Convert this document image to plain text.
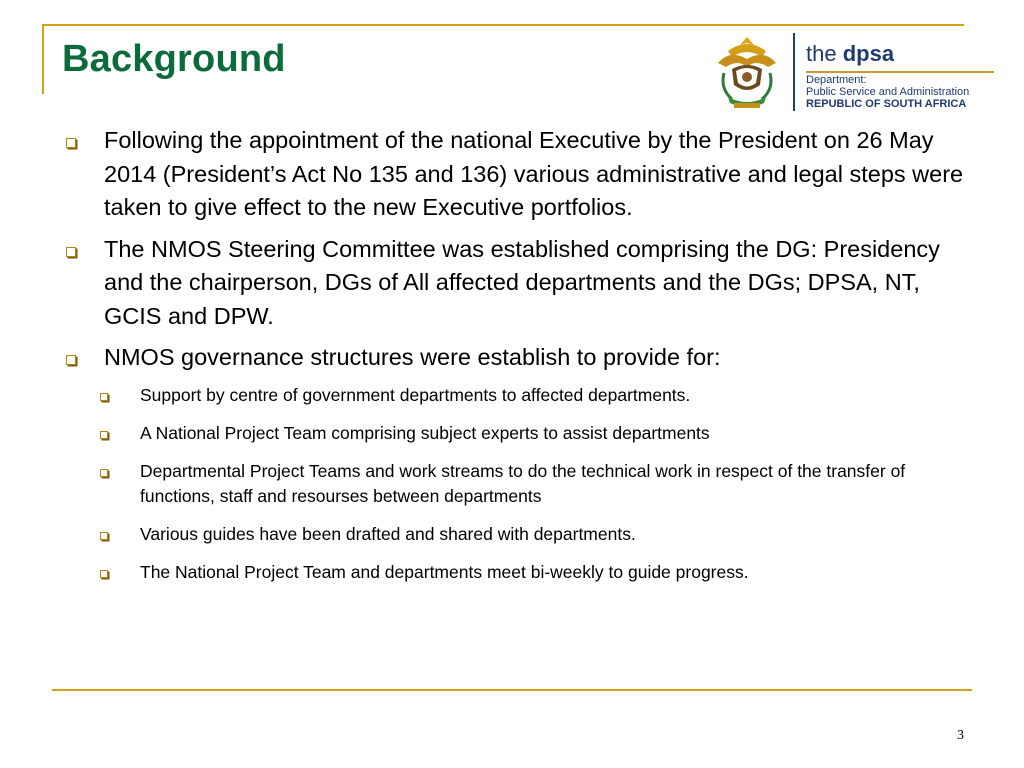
Background	the dpsa
Department:
Public Service and Administration
REPUBLIC OF SOUTH AFRICA
Following the appointment of the national Executive by the President on 26 May 2014 (President’s Act No 135 and 136) various administrative and legal steps were taken to give effect to the new Executive portfolios.
The NMOS Steering Committee was established comprising the DG: Presidency and the chairperson, DGs of All affected departments and the DGs; DPSA, NT, GCIS and DPW.
NMOS governance structures were establish to provide for:
Support by centre of government departments to affected departments.
A National Project Team comprising subject experts to assist departments
Departmental Project Teams and work streams to do the technical work in respect of the transfer of functions, staff and resourses between departments
Various guides have been drafted and shared with departments.
The National Project Team and departments meet bi-weekly to guide progress.
3
